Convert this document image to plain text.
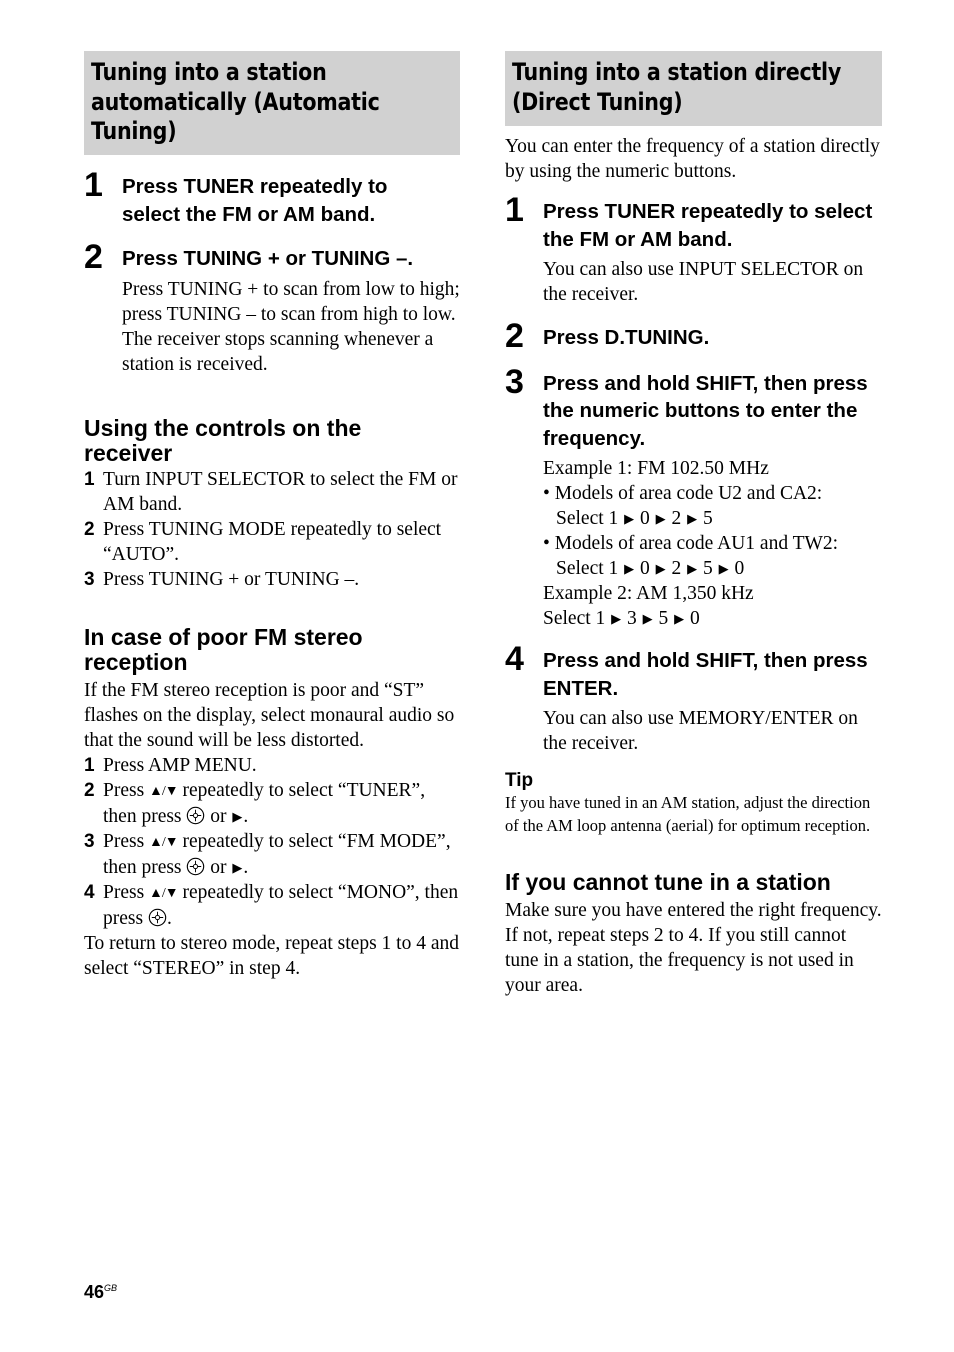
Tuning into a station
automatically (Automatic
Tuning)
1 Press TUNER repeatedly to select the FM or AM band.
2 Press TUNING + or TUNING –.
Press TUNING + to scan from low to high; press TUNING – to scan from high to low.
The receiver stops scanning whenever a station is received.
Using the controls on the receiver
1 Turn INPUT SELECTOR to select the FM or AM band.
2 Press TUNING MODE repeatedly to select “AUTO”.
3 Press TUNING + or TUNING –.
In case of poor FM stereo reception
If the FM stereo reception is poor and “ST” flashes on the display, select monaural audio so that the sound will be less distorted.
1 Press AMP MENU.
2 Press ▲/▼ repeatedly to select “TUNER”, then press  or ▶.
3 Press ▲/▼ repeatedly to select “FM MODE”, then press  or ▶.
4 Press ▲/▼ repeatedly to select “MONO”, then press .
To return to stereo mode, repeat steps 1 to 4 and select “STEREO” in step 4.
Tuning into a station directly
(Direct Tuning)
You can enter the frequency of a station directly by using the numeric buttons.
1 Press TUNER repeatedly to select the FM or AM band.
You can also use INPUT SELECTOR on the receiver.
2 Press D.TUNING.
3 Press and hold SHIFT, then press the numeric buttons to enter the frequency.
Example 1: FM 102.50 MHz
• Models of area code U2 and CA2:
Select 1 ▶ 0 ▶ 2 ▶ 5
• Models of area code AU1 and TW2:
Select 1 ▶ 0 ▶ 2 ▶ 5 ▶ 0
Example 2: AM 1,350 kHz
Select 1 ▶ 3 ▶ 5 ▶ 0
4 Press and hold SHIFT, then press ENTER.
You can also use MEMORY/ENTER on the receiver.
Tip
If you have tuned in an AM station, adjust the direction of the AM loop antenna (aerial) for optimum reception.
If you cannot tune in a station
Make sure you have entered the right frequency. If not, repeat steps 2 to 4. If you still cannot tune in a station, the frequency is not used in your area.
$46^{GB}$
